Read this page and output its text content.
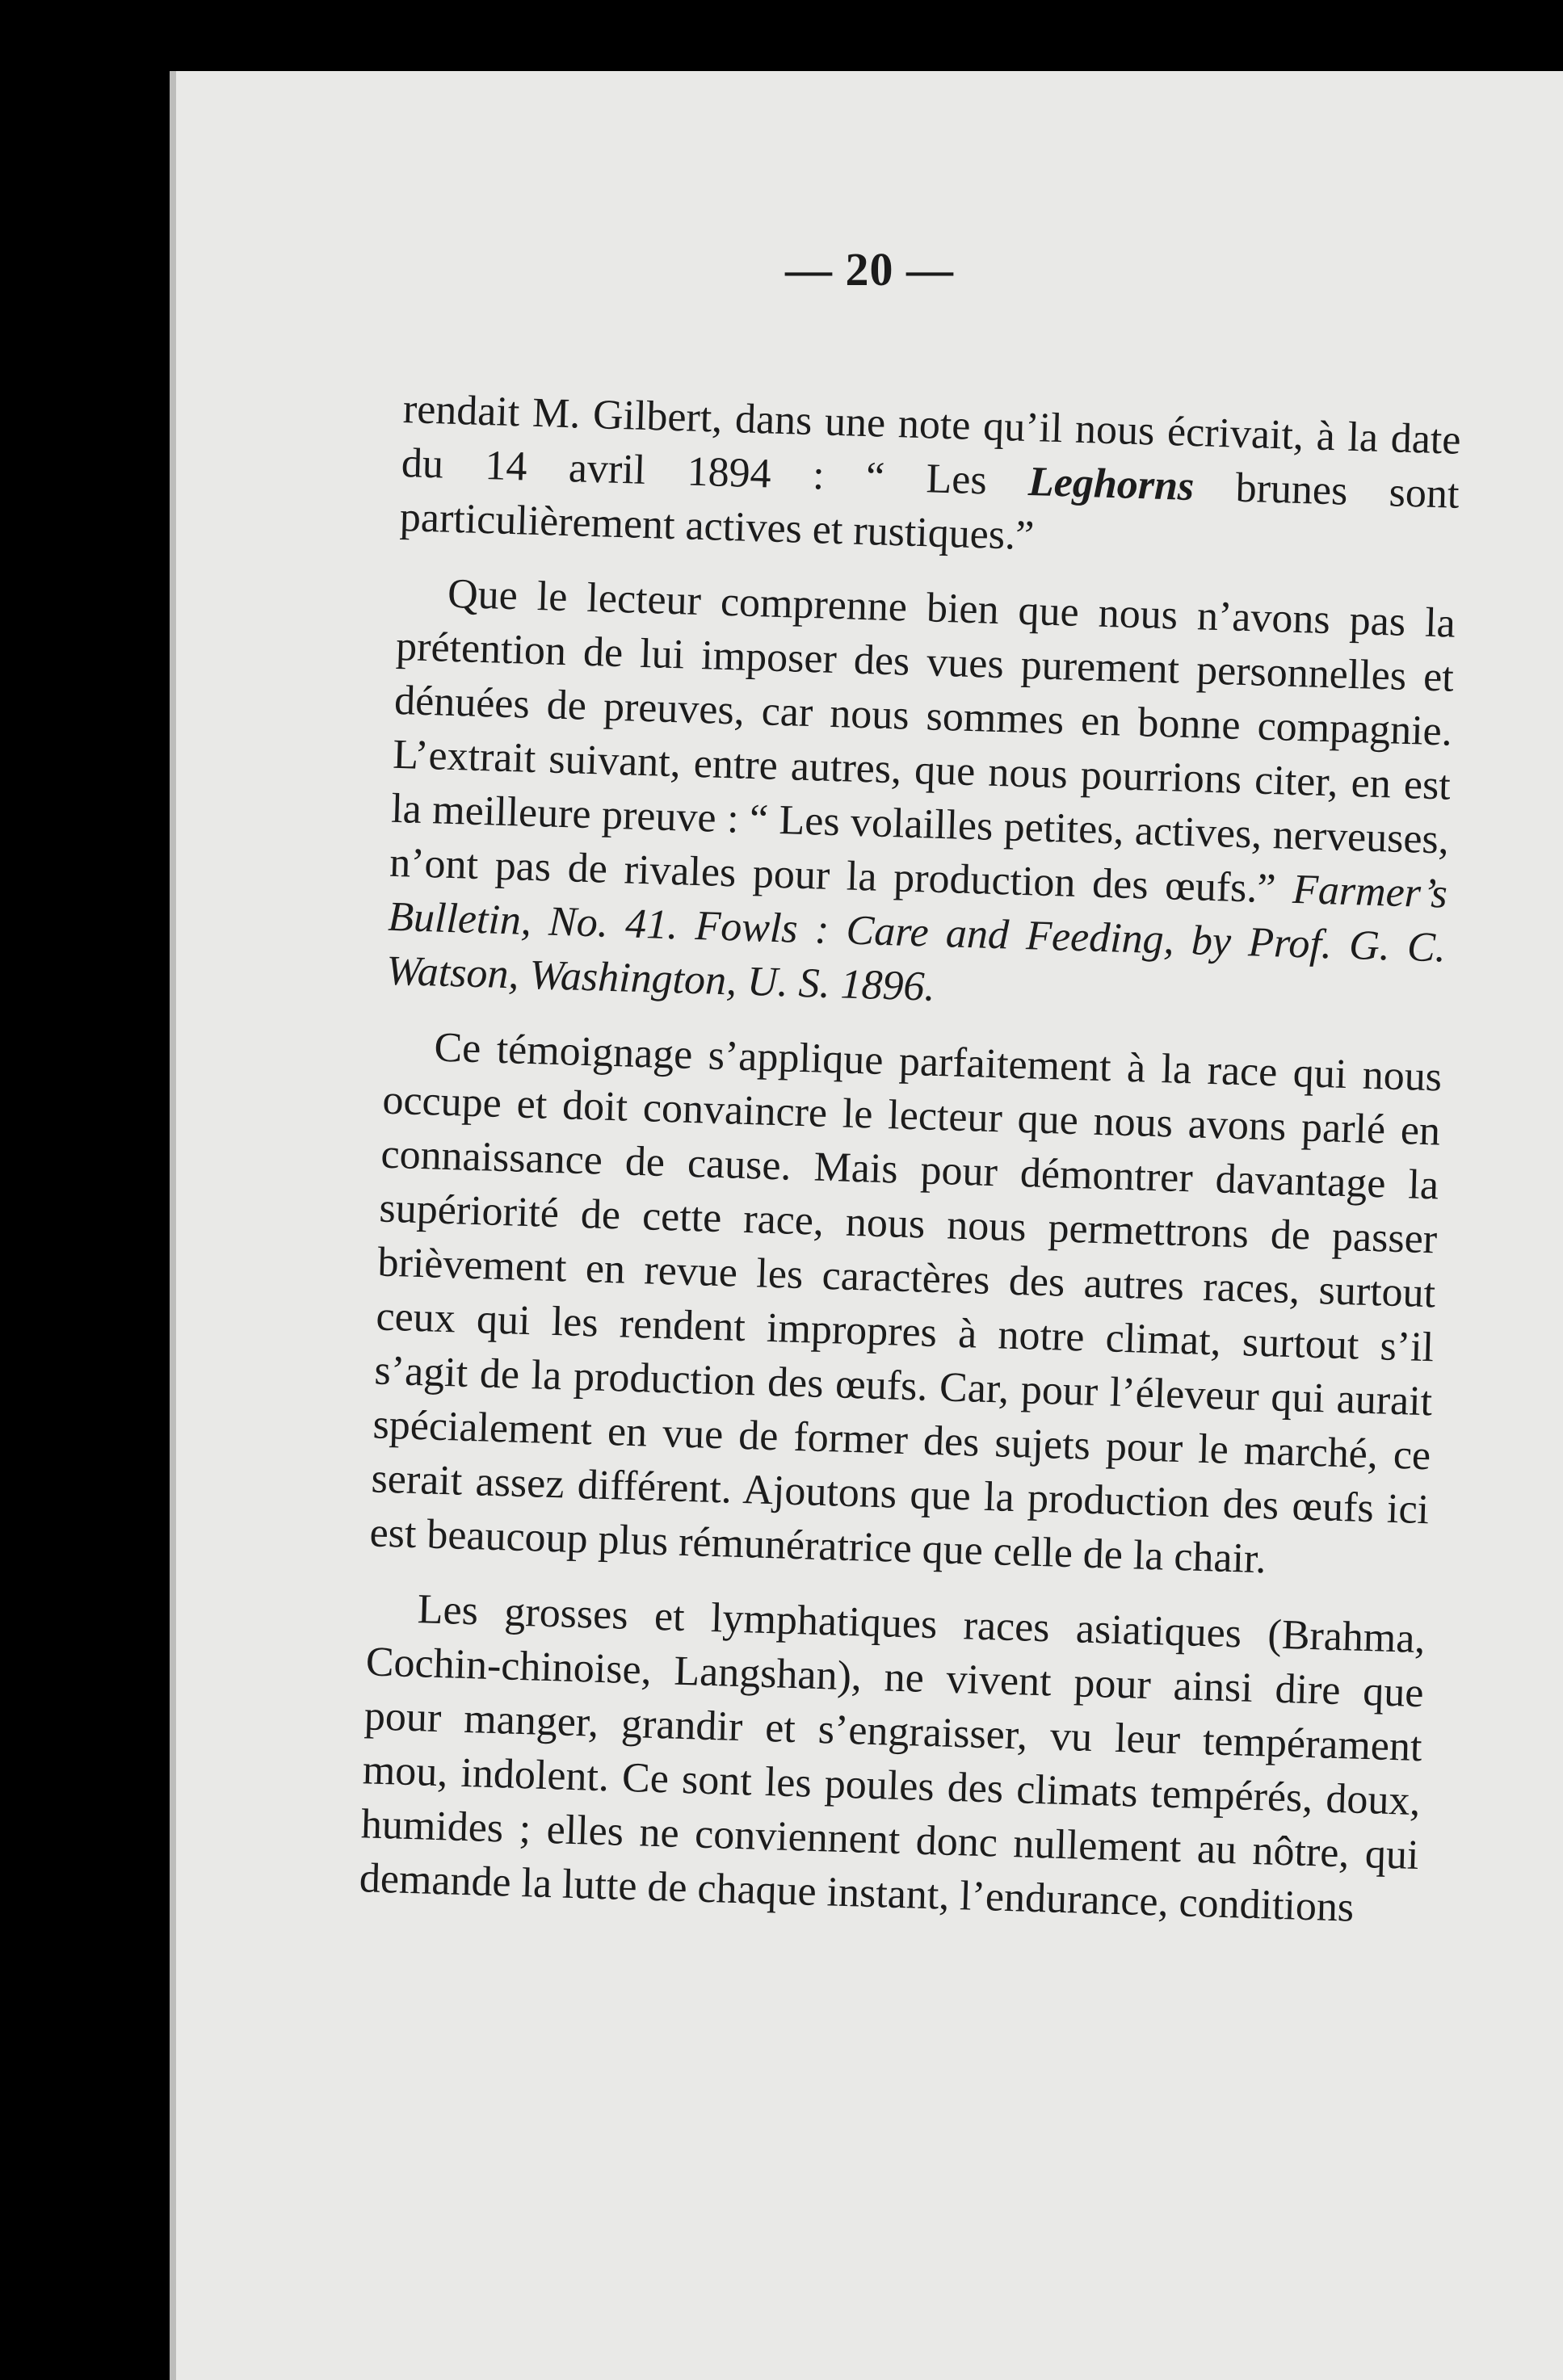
— 20 —

rendait M. Gilbert, dans une note qu’il nous écrivait, à la date du 14 avril 1894 : “ Les Leghorns brunes sont particulièrement actives et rustiques.”

Que le lecteur comprenne bien que nous n’avons pas la prétention de lui imposer des vues purement personnelles et dénuées de preuves, car nous sommes en bonne compagnie. L’extrait suivant, entre autres, que nous pourrions citer, en est la meilleure preuve : “ Les volailles petites, actives, nerveuses, n’ont pas de rivales pour la production des œufs.” Farmer’s Bulletin, No. 41. Fowls : Care and Feeding, by Prof. G. C. Watson, Washington, U. S. 1896.

Ce témoignage s’applique parfaitement à la race qui nous occupe et doit convaincre le lecteur que nous avons parlé en connaissance de cause. Mais pour démontrer davantage la supériorité de cette race, nous nous permettrons de passer brièvement en revue les caractères des autres races, surtout ceux qui les rendent impropres à notre climat, surtout s’il s’agit de la production des œufs. Car, pour l’éleveur qui aurait spécialement en vue de former des sujets pour le marché, ce serait assez différent. Ajoutons que la production des œufs ici est beaucoup plus rémunératrice que celle de la chair.

Les grosses et lymphatiques races asiatiques (Brahma, Cochin-chinoise, Langshan), ne vivent pour ainsi dire que pour manger, grandir et s’engraisser, vu leur tempérament mou, indolent. Ce sont les poules des climats tempérés, doux, humides ; elles ne conviennent donc nullement au nôtre, qui demande la lutte de chaque instant, l’endurance, conditions
